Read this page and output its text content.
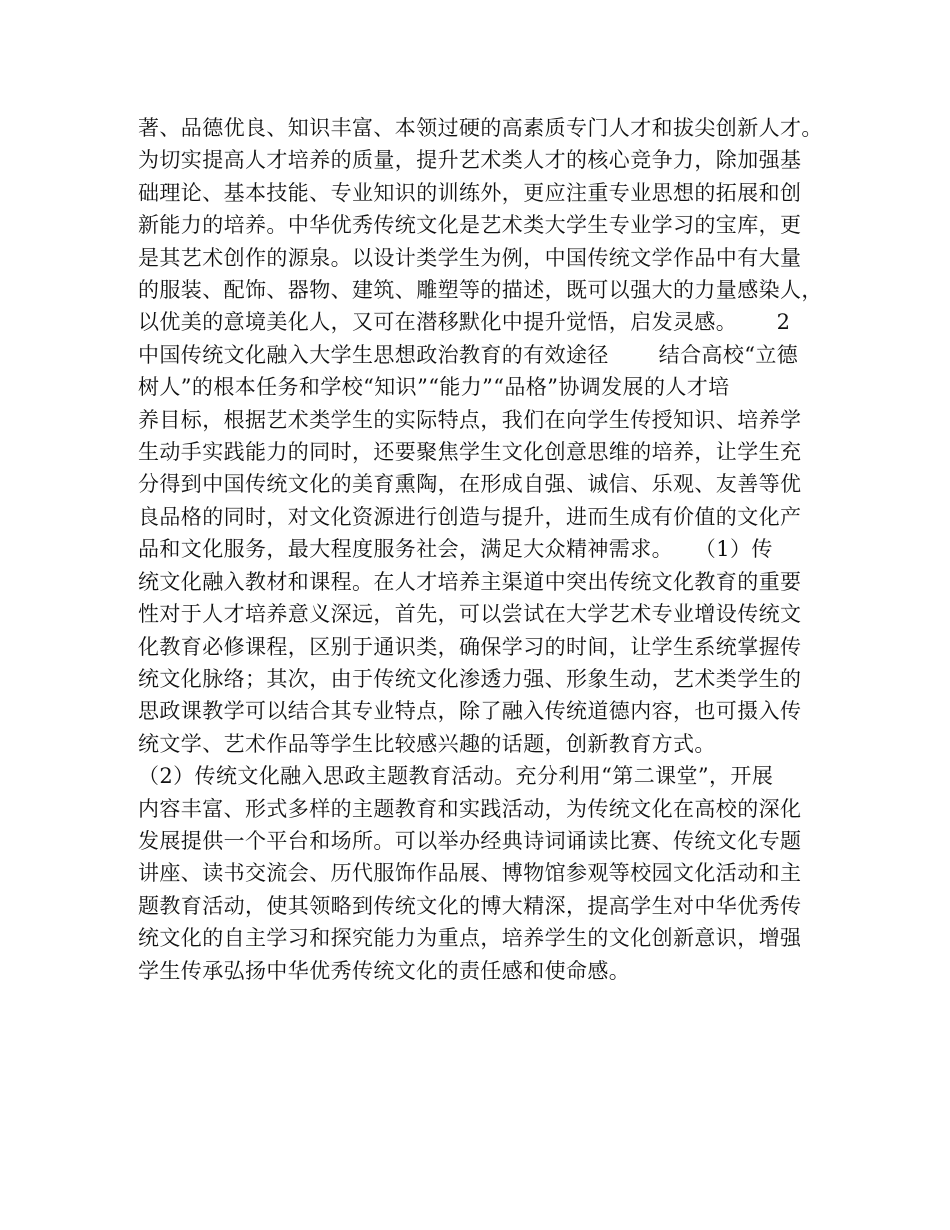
著、品德优良、知识丰富、本领过硬的高素质专门人才和拔尖创新人才。
为切实提高人才培养的质量，提升艺术类人才的核心竞争力，除加强基
础理论、基本技能、专业知识的训练外，更应注重专业思想的拓展和创
新能力的培养。中华优秀传统文化是艺术类大学生专业学习的宝库，更
是其艺术创作的源泉。以设计类学生为例，中国传统文学作品中有大量
的服装、配饰、器物、建筑、雕塑等的描述，既可以强大的力量感染人，
以优美的意境美化人，又可在潜移默化中提升觉悟，启发灵感。　　 2
中国传统文化融入大学生思想政治教育的有效途径　　 结合高校“立德
树人”的根本任务和学校“知识”“能力”“品格”协调发展的人才培
养目标，根据艺术类学生的实际特点，我们在向学生传授知识、培养学
生动手实践能力的同时，还要聚焦学生文化创意思维的培养，让学生充
分得到中国传统文化的美育熏陶，在形成自强、诚信、乐观、友善等优
良品格的同时，对文化资源进行创造与提升，进而生成有价值的文化产
品和文化服务，最大程度服务社会，满足大众精神需求。　　（1）传
统文化融入教材和课程。在人才培养主渠道中突出传统文化教育的重要
性对于人才培养意义深远，首先，可以尝试在大学艺术专业增设传统文
化教育必修课程，区别于通识类，确保学习的时间，让学生系统掌握传
统文化脉络；其次，由于传统文化渗透力强、形象生动，艺术类学生的
思政课教学可以结合其专业特点，除了融入传统道德内容，也可摄入传
统文学、艺术作品等学生比较感兴趣的话题，创新教育方式。
（2）传统文化融入思政主题教育活动。充分利用“第二课堂”，开展
内容丰富、形式多样的主题教育和实践活动，为传统文化在高校的深化
发展提供一个平台和场所。可以举办经典诗词诵读比赛、传统文化专题
讲座、读书交流会、历代服饰作品展、博物馆参观等校园文化活动和主
题教育活动，使其领略到传统文化的博大精深，提高学生对中华优秀传
统文化的自主学习和探究能力为重点，培养学生的文化创新意识，增强
学生传承弘扬中华优秀传统文化的责任感和使命感。
